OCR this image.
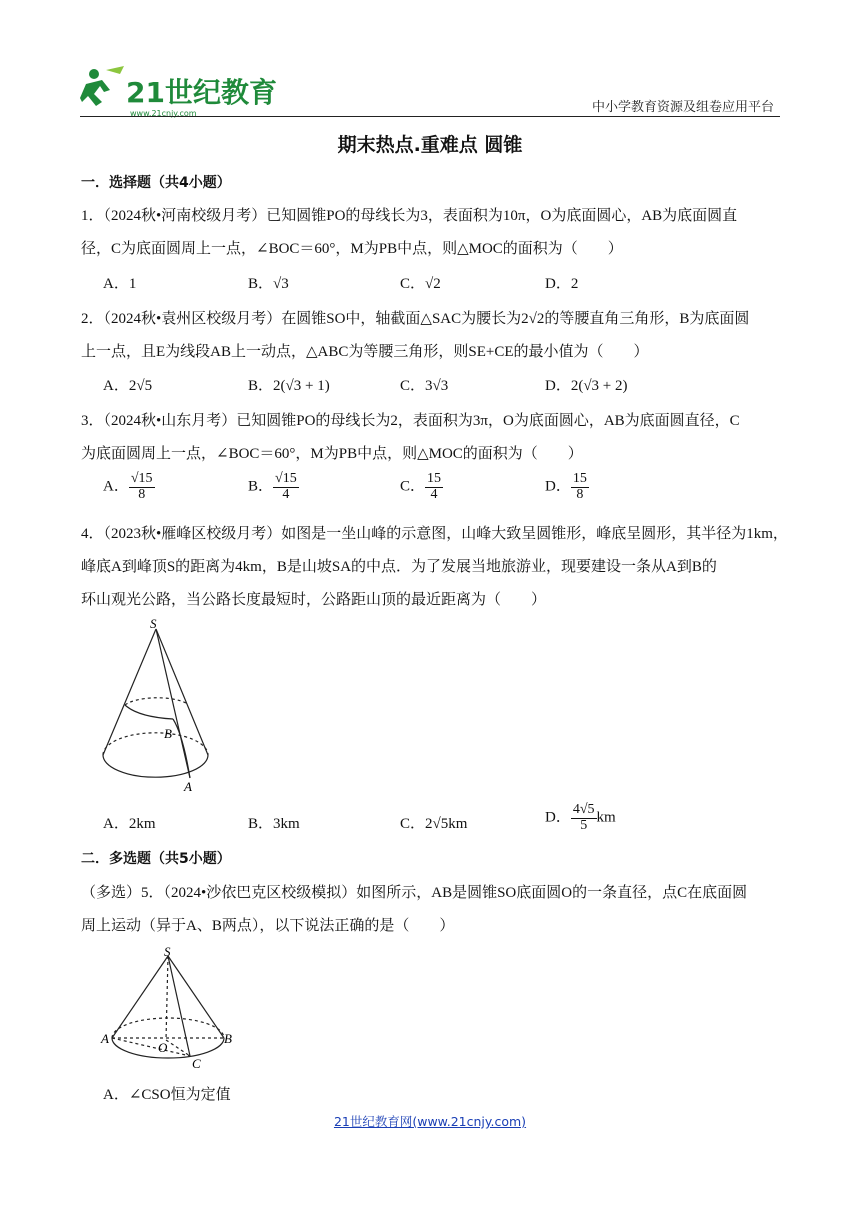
21世纪教育
www.21cnjy.com	中小学教育资源及组卷应用平台
期末热点.重难点 圆锥
一．选择题（共4小题）
1．（2024秋•河南校级月考）已知圆锥PO的母线长为3，表面积为10π，O为底面圆心，AB为底面圆直
径，C为底面圆周上一点，∠BOC＝60°，M为PB中点，则△MOC的面积为（　　）
A．1	B．√3	C．√2	D．2
2．（2024秋•袁州区校级月考）在圆锥SO中，轴截面△SAC为腰长为2√2的等腰直角三角形，B为底面圆
上一点，且E为线段AB上一动点，△ABC为等腰三角形，则SE+CE的最小值为（　　）
A．2√5	B．2(√3 + 1)	C．3√3	D．2(√3 + 2)
3．（2024秋•山东月考）已知圆锥PO的母线长为2，表面积为3π，O为底面圆心，AB为底面圆直径，C
为底面圆周上一点，∠BOC＝60°，M为PB中点，则△MOC的面积为（　　）
A． $\frac{√15}{8}$	B． $\frac{√15}{4}$	C． $\frac{15}{4}$	D． $\frac{15}{8}$
4．（2023秋•雁峰区校级月考）如图是一坐山峰的示意图，山峰大致呈圆锥形，峰底呈圆形，其半径为1km，
峰底A到峰顶S的距离为4km，B是山坡SA的中点．为了发展当地旅游业，现要建设一条从A到B的
环山观光公路，当公路长度最短时，公路距山顶的最近距离为（　　）
S
B
A
A．2km	B．3km	C．2√5km	D． $\frac{4√5}{5}$ km
二．多选题（共5小题）
（多选）5．（2024•沙依巴克区校级模拟）如图所示，AB是圆锥SO底面圆O的一条直径，点C在底面圆
周上运动（异于A、B两点），以下说法正确的是（　　）
S
A
O
B
C
A．∠CSO恒为定值
21世纪教育网(www.21cnjy.com)
